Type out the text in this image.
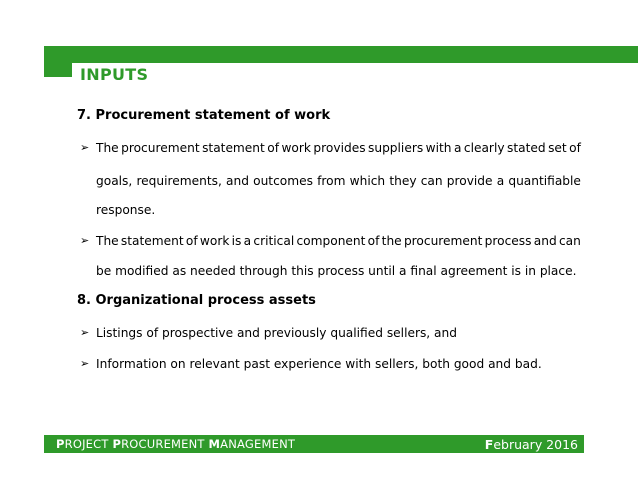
INPUTS
7. Procurement statement of work
➢ The procurement statement of work provides suppliers with a clearly stated set of
goals, requirements, and outcomes from which they can provide a quantifiable
response.
➢ The statement of work is a critical component of the procurement process and can
be modified as needed through this process until a final agreement is in place.
8. Organizational process assets
➢ Listings of prospective and previously qualified sellers, and
➢ Information on relevant past experience with sellers, both good and bad.
PROJECT PROCUREMENT MANAGEMENT	February 2016
